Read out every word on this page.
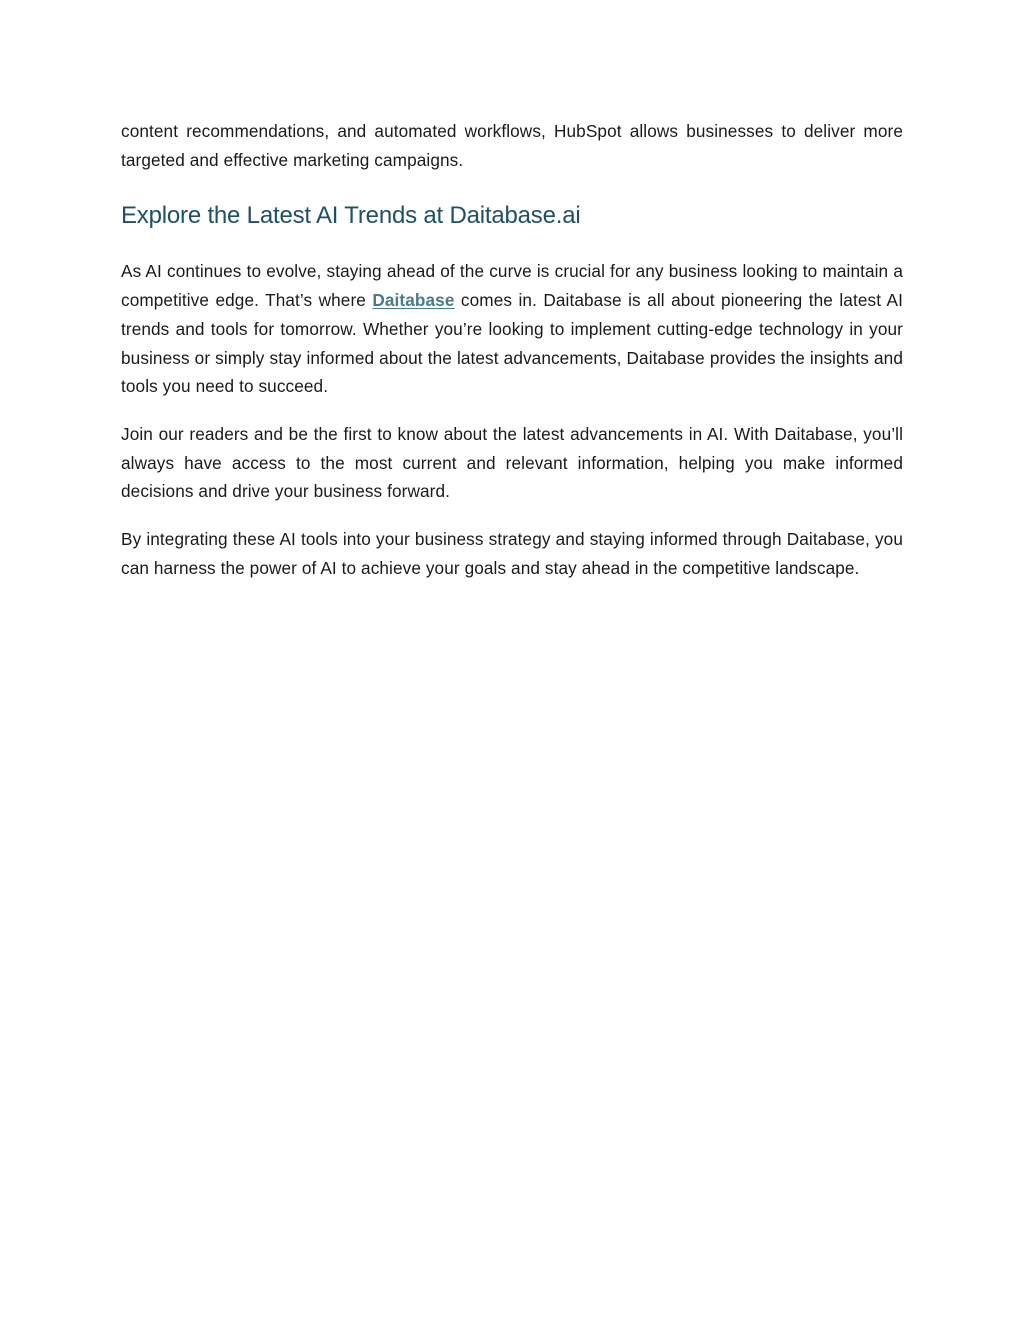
content recommendations, and automated workflows, HubSpot allows businesses to deliver more targeted and effective marketing campaigns.

Explore the Latest AI Trends at Daitabase.ai

As AI continues to evolve, staying ahead of the curve is crucial for any business looking to maintain a competitive edge. That’s where Daitabase comes in. Daitabase is all about pioneering the latest AI trends and tools for tomorrow. Whether you’re looking to implement cutting-edge technology in your business or simply stay informed about the latest advancements, Daitabase provides the insights and tools you need to succeed.

Join our readers and be the first to know about the latest advancements in AI. With Daitabase, you’ll always have access to the most current and relevant information, helping you make informed decisions and drive your business forward.

By integrating these AI tools into your business strategy and staying informed through Daitabase, you can harness the power of AI to achieve your goals and stay ahead in the competitive landscape.
